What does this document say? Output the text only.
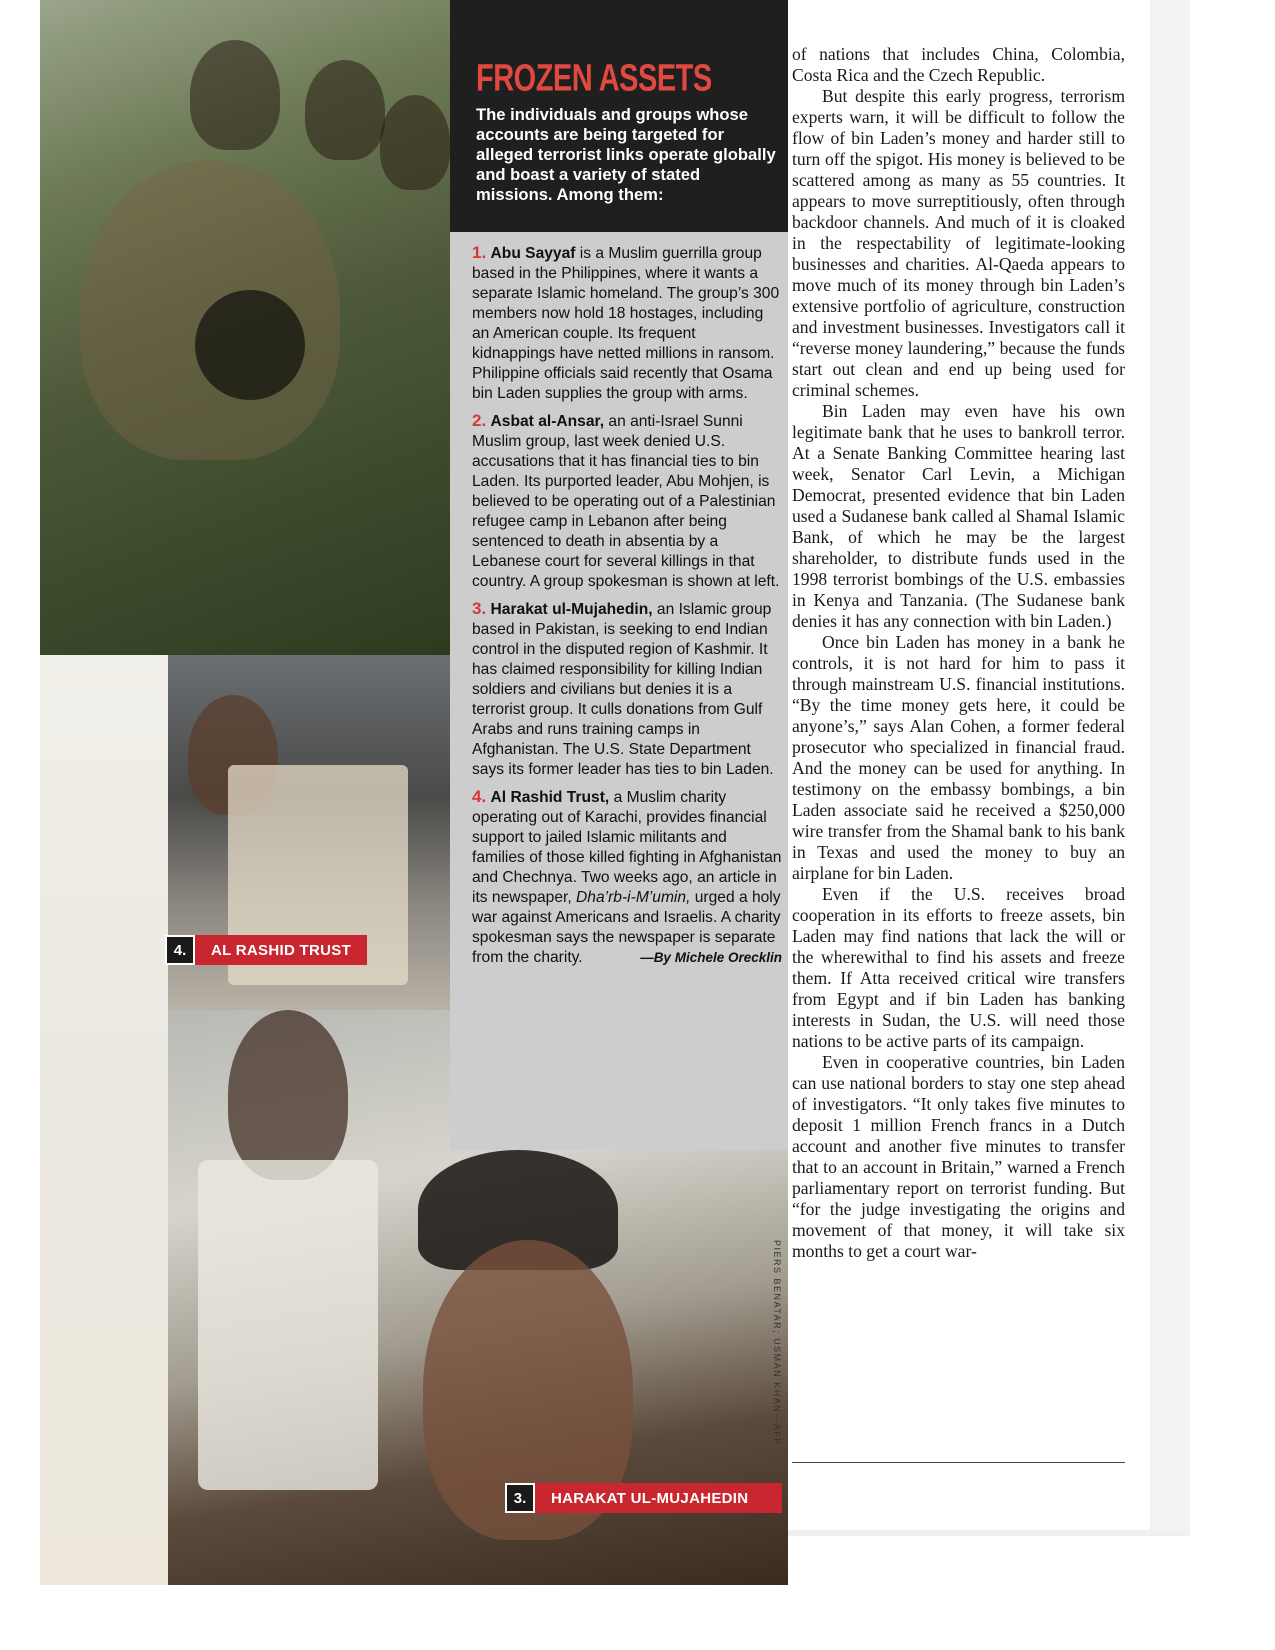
FROZEN ASSETS
The individuals and groups whose accounts are being targeted for alleged terrorist links operate globally and boast a variety of stated missions. Among them:
1. Abu Sayyaf is a Muslim guerrilla group based in the Philippines, where it wants a separate Islamic homeland. The group’s 300 members now hold 18 hostages, including an American couple. Its frequent kidnappings have netted millions in ransom. Philippine officials said recently that Osama bin Laden supplies the group with arms.
2. Asbat al-Ansar, an anti-Israel Sunni Muslim group, last week denied U.S. accusations that it has financial ties to bin Laden. Its purported leader, Abu Mohjen, is believed to be operating out of a Palestinian refugee camp in Lebanon after being sentenced to death in absentia by a Lebanese court for several killings in that country. A group spokesman is shown at left.
3. Harakat ul-Mujahedin, an Islamic group based in Pakistan, is seeking to end Indian control in the disputed region of Kashmir. It has claimed responsibility for killing Indian soldiers and civilians but denies it is a terrorist group. It culls donations from Gulf Arabs and runs training camps in Afghanistan. The U.S. State Department says its former leader has ties to bin Laden.
4. Al Rashid Trust, a Muslim charity operating out of Karachi, provides financial support to jailed Islamic militants and families of those killed fighting in Afghanistan and Chechnya. Two weeks ago, an article in its newspaper, Dha’rb-i-M’umin, urged a holy war against Americans and Israelis. A charity spokesman says the newspaper is separate from the charity.	—By Michele Orecklin
4.	AL RASHID TRUST
3.	HARAKAT UL-MUJAHEDIN
PIERS BENATAR; USMAN KHAN—AFP

of nations that includes China, Colombia, Costa Rica and the Czech Republic.

But despite this early progress, terrorism experts warn, it will be difficult to follow the flow of bin Laden’s money and harder still to turn off the spigot. His money is believed to be scattered among as many as 55 countries. It appears to move surreptitiously, often through backdoor channels. And much of it is cloaked in the respectability of legitimate-looking businesses and charities. Al-Qaeda appears to move much of its money through bin Laden’s extensive portfolio of agriculture, construction and investment businesses. Investigators call it “reverse money laundering,” because the funds start out clean and end up being used for criminal schemes.

Bin Laden may even have his own legitimate bank that he uses to bankroll terror. At a Senate Banking Committee hearing last week, Senator Carl Levin, a Michigan Democrat, presented evidence that bin Laden used a Sudanese bank called al Shamal Islamic Bank, of which he may be the largest shareholder, to distribute funds used in the 1998 terrorist bombings of the U.S. embassies in Kenya and Tanzania. (The Sudanese bank denies it has any connection with bin Laden.)

Once bin Laden has money in a bank he controls, it is not hard for him to pass it through mainstream U.S. financial institutions. “By the time money gets here, it could be anyone’s,” says Alan Cohen, a former federal prosecutor who specialized in financial fraud. And the money can be used for anything. In testimony on the embassy bombings, a bin Laden associate said he received a $250,000 wire transfer from the Shamal bank to his bank in Texas and used the money to buy an airplane for bin Laden.

Even if the U.S. receives broad cooperation in its efforts to freeze assets, bin Laden may find nations that lack the will or the wherewithal to find his assets and freeze them. If Atta received critical wire transfers from Egypt and if bin Laden has banking interests in Sudan, the U.S. will need those nations to be active parts of its campaign.

Even in cooperative countries, bin Laden can use national borders to stay one step ahead of investigators. “It only takes five minutes to deposit 1 million French francs in a Dutch account and another five minutes to transfer that to an account in Britain,” warned a French parliamentary report on terrorist funding. But “for the judge investigating the origins and movement of that money, it will take six months to get a court war-
